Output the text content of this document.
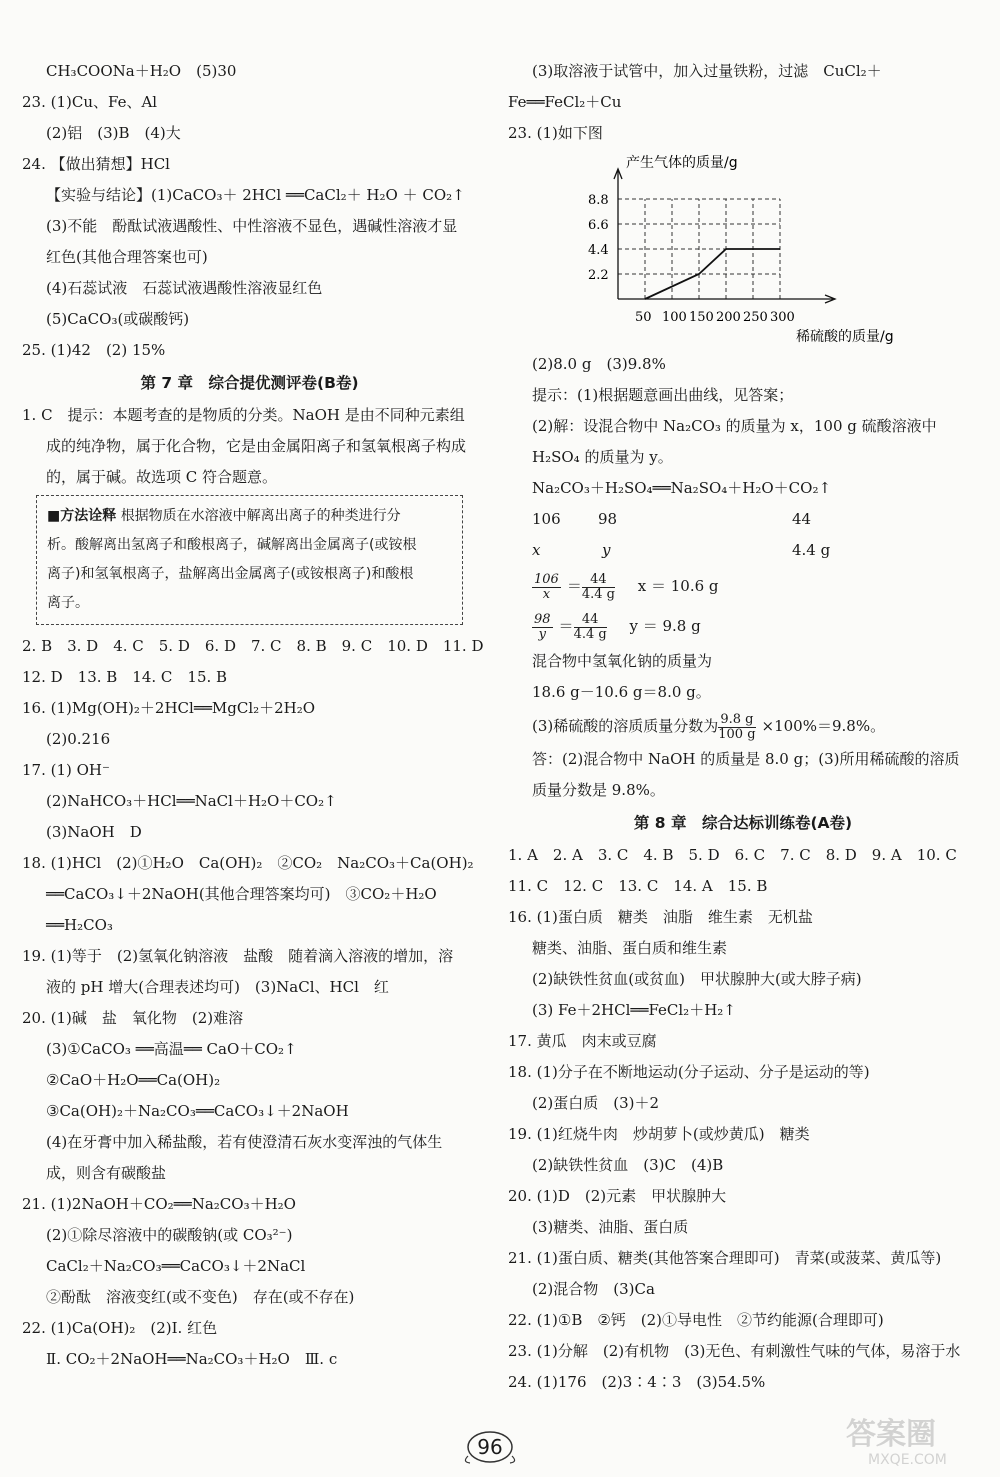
CH₃COONa＋H₂O　(5)30
23. (1)Cu、Fe、Al
(2)铝　(3)B　(4)大
24. 【做出猜想】HCl
【实验与结论】(1)CaCO₃＋ 2HCl ══CaCl₂＋ H₂O ＋ CO₂↑
(3)不能　酚酞试液遇酸性、中性溶液不显色，遇碱性溶液才显
红色(其他合理答案也可)
(4)石蕊试液　石蕊试液遇酸性溶液显红色
(5)CaCO₃(或碳酸钙)
25. (1)42　(2) 15%
第 7 章　综合提优测评卷(B卷)
1. C　提示：本题考查的是物质的分类。NaOH 是由不同种元素组
成的纯净物，属于化合物，它是由金属阳离子和氢氧根离子构成
的，属于碱。故选项 C 符合题意。
■方法诠释 根据物质在水溶液中解离出离子的种类进行分
析。酸解离出氢离子和酸根离子，碱解离出金属离子(或铵根
离子)和氢氧根离子，盐解离出金属离子(或铵根离子)和酸根
离子。
2. B　3. D　4. C　5. D　6. D　7. C　8. B　9. C　10. D　11. D
12. D　13. B　14. C　15. B
16. (1)Mg(OH)₂＋2HCl══MgCl₂＋2H₂O
(2)0.216
17. (1) OH⁻
(2)NaHCO₃＋HCl══NaCl＋H₂O＋CO₂↑
(3)NaOH　D
18. (1)HCl　(2)①H₂O　Ca(OH)₂　②CO₂　Na₂CO₃＋Ca(OH)₂
══CaCO₃↓＋2NaOH(其他合理答案均可)　③CO₂＋H₂O
══H₂CO₃
19. (1)等于　(2)氢氧化钠溶液　盐酸　随着滴入溶液的增加，溶
液的 pH 增大(合理表述均可)　(3)NaCl、HCl　红
20. (1)碱　盐　氧化物　(2)难溶
(3)①CaCO₃ ══高温══ CaO＋CO₂↑
②CaO＋H₂O══Ca(OH)₂
③Ca(OH)₂＋Na₂CO₃══CaCO₃↓＋2NaOH
(4)在牙膏中加入稀盐酸，若有使澄清石灰水变浑浊的气体生
成，则含有碳酸盐
21. (1)2NaOH＋CO₂══Na₂CO₃＋H₂O
(2)①除尽溶液中的碳酸钠(或 CO₃²⁻)
CaCl₂＋Na₂CO₃══CaCO₃↓＋2NaCl
②酚酞　溶液变红(或不变色)　存在(或不存在)
22. (1)Ca(OH)₂　(2)Ⅰ. 红色
Ⅱ. CO₂＋2NaOH══Na₂CO₃＋H₂O　Ⅲ. c
(3)取溶液于试管中，加入过量铁粉，过滤　CuCl₂＋
Fe══FeCl₂＋Cu
23. (1)如下图
2.2
4.4
6.6
8.8
50 100 150 200 250 300
产生气体的质量/g
稀硫酸的质量/g
(2)8.0 g　(3)9.8%
提示：(1)根据题意画出曲线，见答案；
(2)解：设混合物中 Na₂CO₃ 的质量为 x，100 g 硫酸溶液中
H₂SO₄ 的质量为 y。
Na₂CO₃＋H₂SO₄══Na₂SO₄＋H₂O＋CO₂↑
106 98	44
x	y	4.4 g
$\frac{106}{x} = \frac{44}{4.4 g}$ x ＝ 10.6 g
$\frac{98}{y} = \frac{44}{4.4 g}$ y ＝ 9.8 g
混合物中氢氧化钠的质量为
18.6 g－10.6 g＝8.0 g。
(3)稀硫酸的溶质质量分数为 $\frac{9.8 g}{100 g} \times 100\%=9.8\%$。
答：(2)混合物中 NaOH 的质量是 8.0 g；(3)所用稀硫酸的溶质
质量分数是 9.8%。
第 8 章　综合达标训练卷(A卷)
1. A　2. A　3. C　4. B　5. D　6. C　7. C　8. D　9. A　10. C
11. C　12. C　13. C　14. A　15. B
16. (1)蛋白质　糖类　油脂　维生素　无机盐
糖类、油脂、蛋白质和维生素
(2)缺铁性贫血(或贫血)　甲状腺肿大(或大脖子病)
(3) Fe＋2HCl══FeCl₂＋H₂↑
17. 黄瓜　肉末或豆腐
18. (1)分子在不断地运动(分子运动、分子是运动的等)
(2)蛋白质　(3)＋2
19. (1)红烧牛肉　炒胡萝卜(或炒黄瓜)　糖类
(2)缺铁性贫血　(3)C　(4)B
20. (1)D　(2)元素　甲状腺肿大
(3)糖类、油脂、蛋白质
21. (1)蛋白质、糖类(其他答案合理即可)　青菜(或菠菜、黄瓜等)
(2)混合物　(3)Ca
22. (1)①B　②钙　(2)①导电性　②节约能源(合理即可)
23. (1)分解　(2)有机物　(3)无色、有刺激性气味的气体，易溶于水
24. (1)176　(2)3∶4∶3　(3)54.5%
96	答案圈
MXQE.COM
